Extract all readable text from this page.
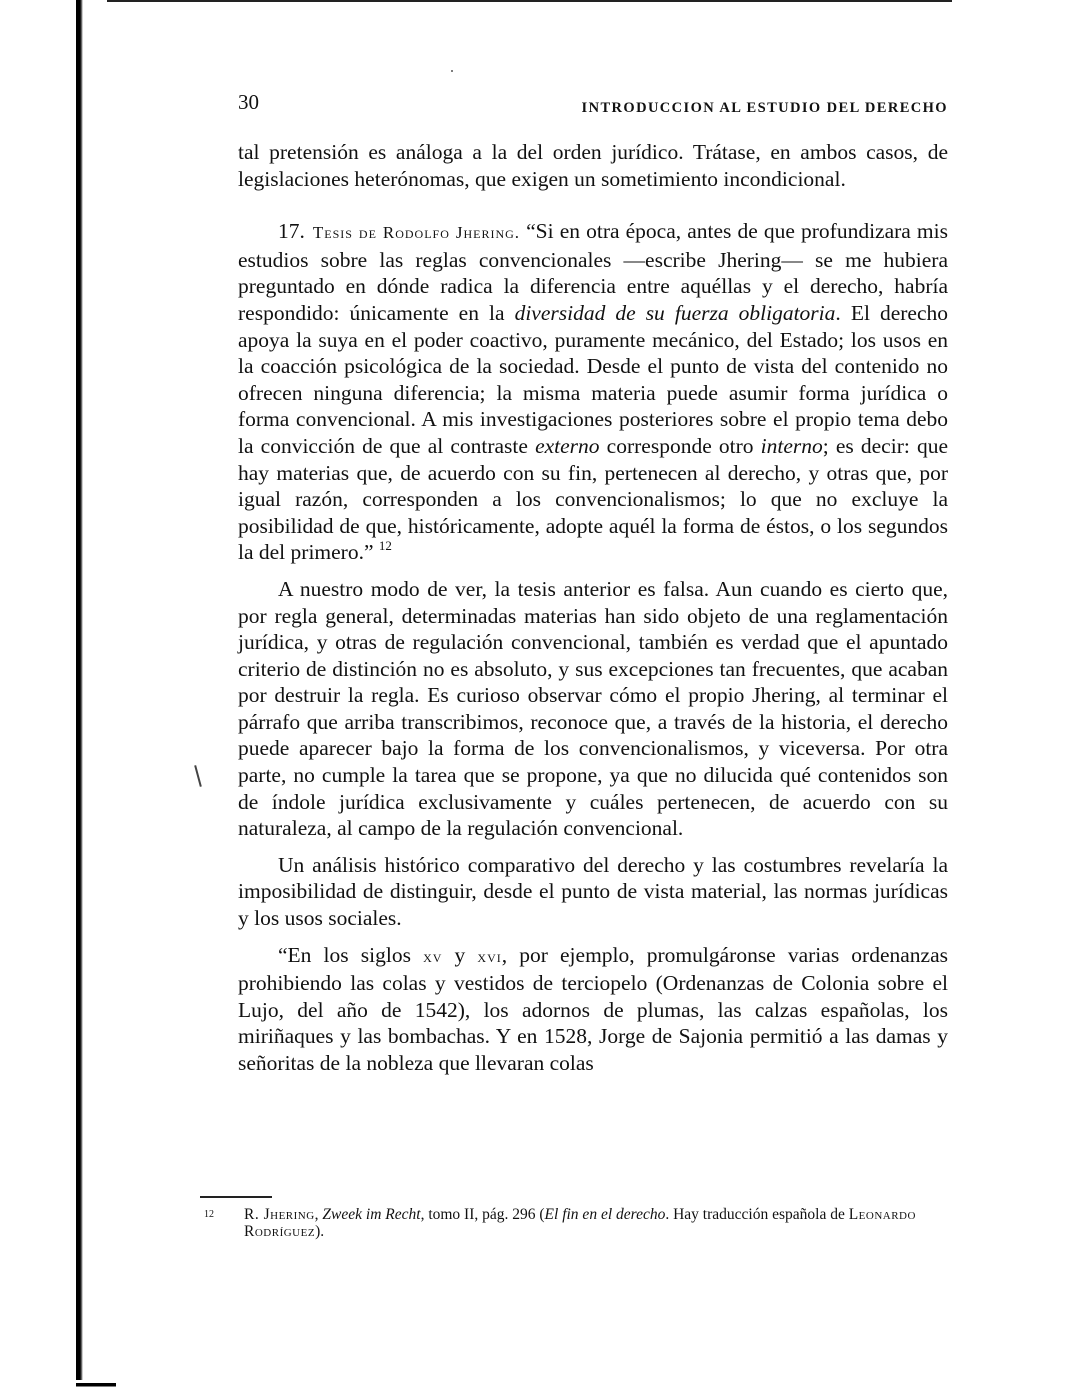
30	INTRODUCCION AL ESTUDIO DEL DERECHO

tal pretensión es análoga a la del orden jurídico. Trátase, en ambos casos, de legislaciones heterónomas, que exigen un sometimiento incondicional.

17. Tesis de Rodolfo Jhering. “Si en otra época, antes de que profundizara mis estudios sobre las reglas convencionales —escribe Jhering— se me hubiera preguntado en dónde radica la diferencia entre aquéllas y el derecho, habría respondido: únicamente en la diversidad de su fuerza obligatoria. El derecho apoya la suya en el poder coactivo, puramente mecánico, del Estado; los usos en la coacción psicológica de la sociedad. Desde el punto de vista del contenido no ofrecen ninguna diferencia; la misma materia puede asumir forma jurídica o forma convencional. A mis investigaciones posteriores sobre el propio tema debo la convicción de que al contraste externo corresponde otro interno; es decir: que hay materias que, de acuerdo con su fin, pertenecen al derecho, y otras que, por igual razón, corresponden a los convencionalismos; lo que no excluye la posibilidad de que, históricamente, adopte aquél la forma de éstos, o los segundos la del primero.” $^{12}$

A nuestro modo de ver, la tesis anterior es falsa. Aun cuando es cierto que, por regla general, determinadas materias han sido objeto de una reglamentación jurídica, y otras de regulación convencional, también es verdad que el apuntado criterio de distinción no es absoluto, y sus excepciones tan frecuentes, que acaban por destruir la regla. Es curioso observar cómo el propio Jhering, al terminar el párrafo que arriba transcribimos, reconoce que, a través de la historia, el derecho puede aparecer bajo la forma de los convencionalismos, y viceversa. Por otra parte, no cumple la tarea que se propone, ya que no dilucida qué contenidos son de índole jurídica exclusivamente y cuáles pertenecen, de acuerdo con su naturaleza, al campo de la regulación convencional.

Un análisis histórico comparativo del derecho y las costumbres revelaría la imposibilidad de distinguir, desde el punto de vista material, las normas jurídicas y los usos sociales.

“En los siglos xv y xvi, por ejemplo, promulgáronse varias ordenanzas prohibiendo las colas y vestidos de terciopelo (Ordenanzas de Colonia sobre el Lujo, del año de 1542), los adornos de plumas, las calzas españolas, los miriñaques y las bombachas. Y en 1528, Jorge de Sajonia permitió a las damas y señoritas de la nobleza que llevaran colas

12 R. Jhering, Zweek im Recht, tomo II, pág. 296 (El fin en el derecho. Hay traducción española de Leonardo Rodríguez).
